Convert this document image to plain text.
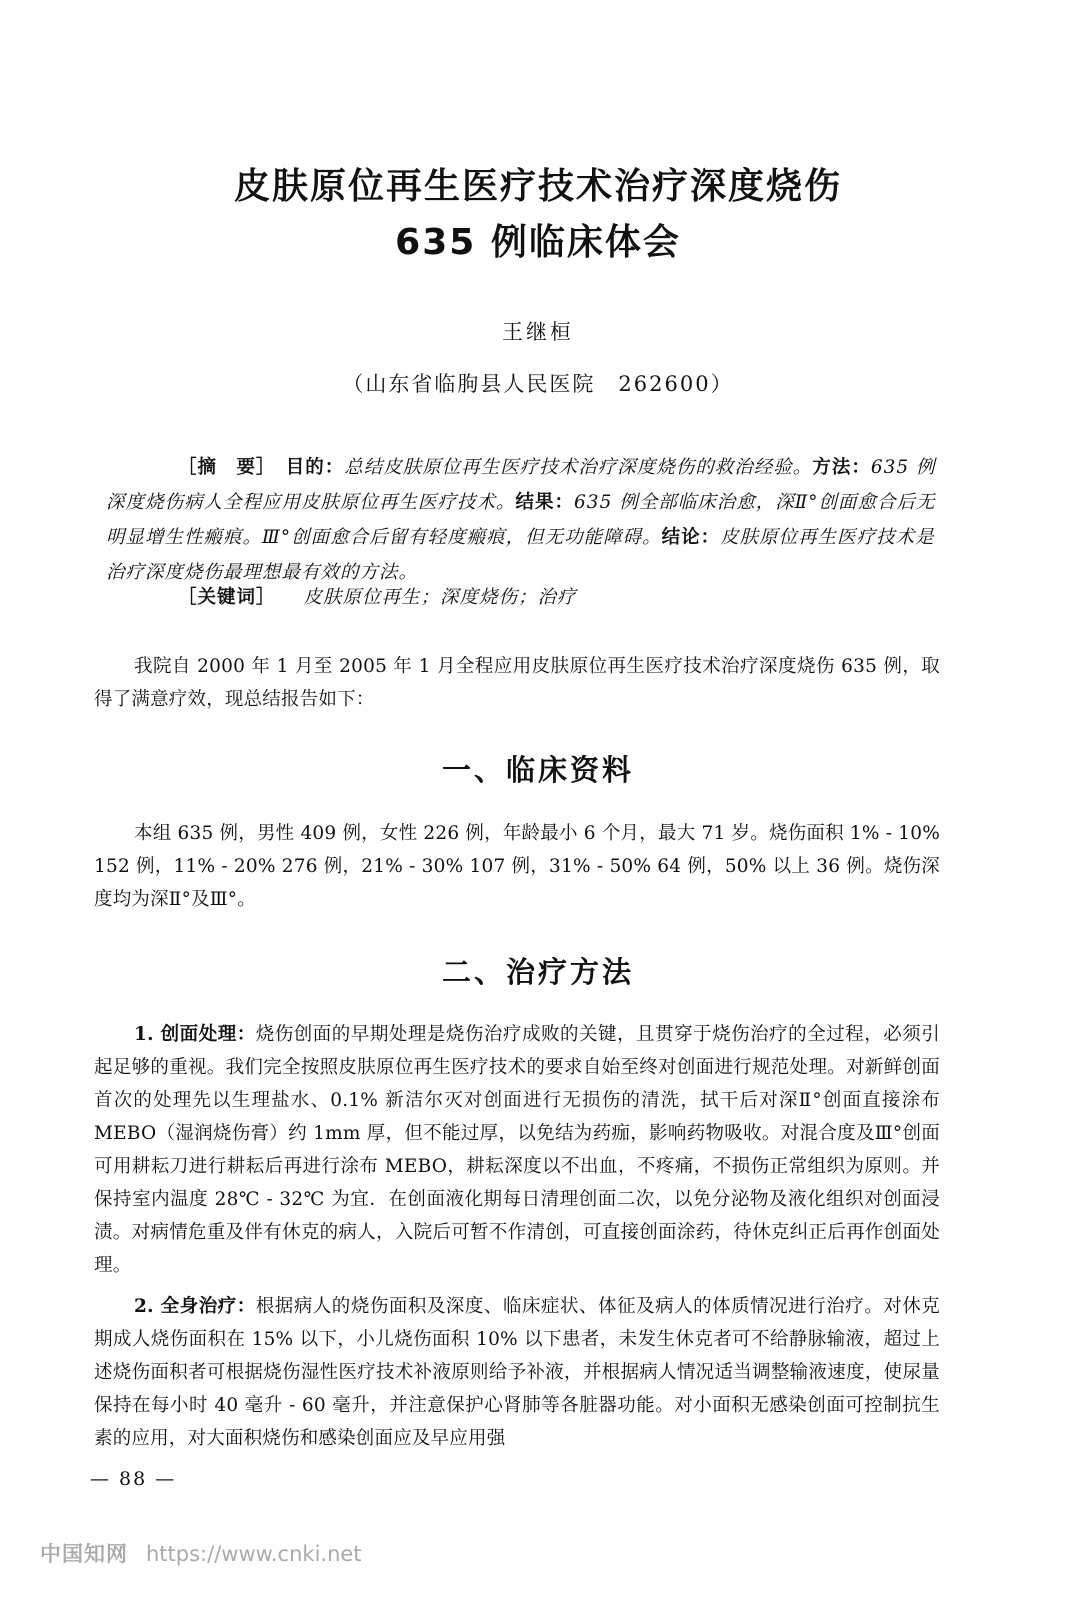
皮肤原位再生医疗技术治疗深度烧伤
635 例临床体会
王继桓
（山东省临朐县人民医院　262600）
［摘　要］　 目的：总结皮肤原位再生医疗技术治疗深度烧伤的救治经验。方法：635 例深度烧伤病人全程应用皮肤原位再生医疗技术。结果：635 例全部临床治愈，深Ⅱ°创面愈合后无明显增生性瘢痕。Ⅲ°创面愈合后留有轻度瘢痕，但无功能障碍。结论：皮肤原位再生医疗技术是治疗深度烧伤最理想最有效的方法。
［关键词］ 皮肤原位再生；深度烧伤；治疗
我院自 2000 年 1 月至 2005 年 1 月全程应用皮肤原位再生医疗技术治疗深度烧伤 635 例，取得了满意疗效，现总结报告如下：
一、临床资料
本组 635 例，男性 409 例，女性 226 例，年龄最小 6 个月，最大 71 岁。烧伤面积 1% - 10% 152 例，11% - 20% 276 例，21% - 30% 107 例，31% - 50% 64 例，50% 以上 36 例。烧伤深度均为深Ⅱ°及Ⅲ°。
二、治疗方法
1. 创面处理：烧伤创面的早期处理是烧伤治疗成败的关键，且贯穿于烧伤治疗的全过程，必须引起足够的重视。我们完全按照皮肤原位再生医疗技术的要求自始至终对创面进行规范处理。对新鲜创面首次的处理先以生理盐水、0.1% 新洁尔灭对创面进行无损伤的清洗，拭干后对深Ⅱ°创面直接涂布 MEBO（湿润烧伤膏）约 1mm 厚，但不能过厚，以免结为药痂，影响药物吸收。对混合度及Ⅲ°创面可用耕耘刀进行耕耘后再进行涂布 MEBO，耕耘深度以不出血，不疼痛，不损伤正常组织为原则。并保持室内温度 28℃ - 32℃ 为宜．在创面液化期每日清理创面二次，以免分泌物及液化组织对创面浸渍。对病情危重及伴有休克的病人，入院后可暂不作清创，可直接创面涂药，待休克纠正后再作创面处理。
2. 全身治疗：根据病人的烧伤面积及深度、临床症状、体征及病人的体质情况进行治疗。对休克期成人烧伤面积在 15% 以下，小儿烧伤面积 10% 以下患者，未发生休克者可不给静脉输液，超过上述烧伤面积者可根据烧伤湿性医疗技术补液原则给予补液，并根据病人情况适当调整输液速度，使尿量保持在每小时 40 毫升 - 60 毫升，并注意保护心肾肺等各脏器功能。对小面积无感染创面可控制抗生素的应用，对大面积烧伤和感染创面应及早应用强
— 88 —
中国知网 https://www.cnki.net
